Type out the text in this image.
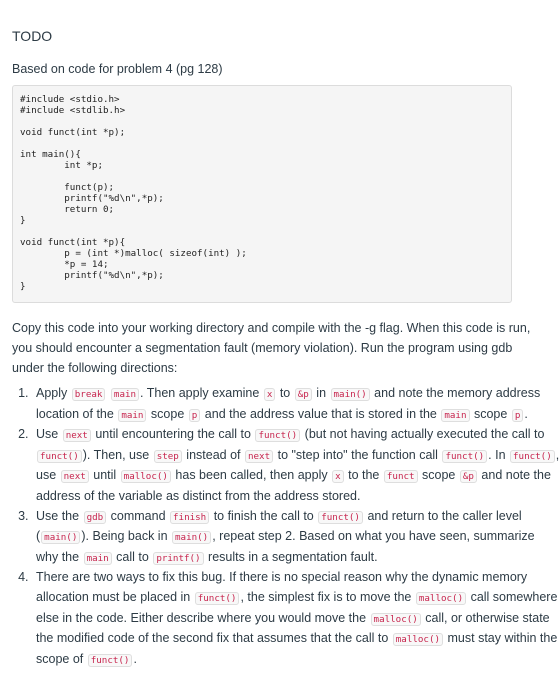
TODO
Based on code for problem 4 (pg 128)
#include <stdio.h>
#include <stdlib.h>
void funct(int *p);
int main(){
int *p;
funct(p);
printf("%d\n",*p);
return 0;
}
void funct(int *p){
p = (int *)malloc( sizeof(int) );
*p = 14;
printf("%d\n",*p);
}
Copy this code into your working directory and compile with the -g flag. When this code is run, you should encounter a segmentation fault (memory violation). Run the program using gdb under the following directions:
1. Apply break main . Then apply examine x to &p in main() and note the memory address location of the main scope p and the address value that is stored in the main scope p .
2. Use next until encountering the call to funct() (but not having actually executed the call to funct() ). Then, use step instead of next to "step into" the function call funct() . In funct() , use next until malloc() has been called, then apply x to the funct scope &p and note the address of the variable as distinct from the address stored.
3. Use the gdb command finish to finish the call to funct() and return to the caller level ( main() ). Being back in main() , repeat step 2. Based on what you have seen, summarize why the main call to printf() results in a segmentation fault.
4. There are two ways to fix this bug. If there is no special reason why the dynamic memory allocation must be placed in funct() , the simplest fix is to move the malloc() call somewhere else in the code. Either describe where you would move the malloc() call, or otherwise state the modified code of the second fix that assumes that the call to malloc() must stay within the scope of funct() .
